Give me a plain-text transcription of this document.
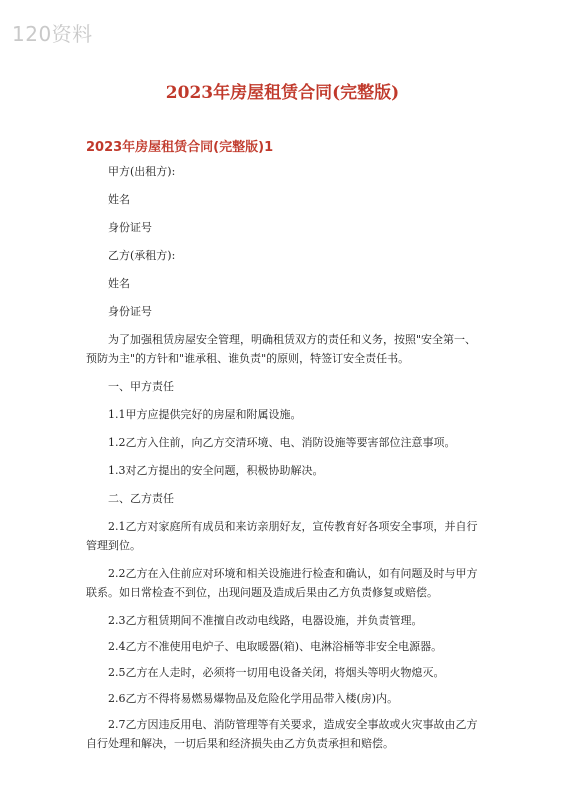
120资料
2023年房屋租赁合同(完整版)
2023年房屋租赁合同(完整版)1

甲方(出租方):

姓名

身份证号

乙方(承租方):

姓名

身份证号

为了加强租赁房屋安全管理，明确租赁双方的责任和义务，按照"安全第一、预防为主"的方针和"谁承租、谁负责"的原则，特签订安全责任书。

一、甲方责任

1.1甲方应提供完好的房屋和附属设施。

1.2乙方入住前，向乙方交清环境、电、消防设施等要害部位注意事项。

1.3对乙方提出的安全问题，积极协助解决。

二、乙方责任

2.1乙方对家庭所有成员和来访亲朋好友，宣传教育好各项安全事项，并自行管理到位。

2.2乙方在入住前应对环境和相关设施进行检查和确认，如有问题及时与甲方联系。如日常检查不到位，出现问题及造成后果由乙方负责修复或赔偿。

2.3乙方租赁期间不准擅自改动电线路，电器设施，并负责管理。

2.4乙方不准使用电炉子、电取暖器(箱)、电淋浴桶等非安全电源器。

2.5乙方在人走时，必须将一切用电设备关闭，将烟头等明火物熄灭。

2.6乙方不得将易燃易爆物品及危险化学用品带入楼(房)内。

2.7乙方因违反用电、消防管理等有关要求，造成安全事故或火灾事故由乙方自行处理和解决，一切后果和经济损失由乙方负责承担和赔偿。
